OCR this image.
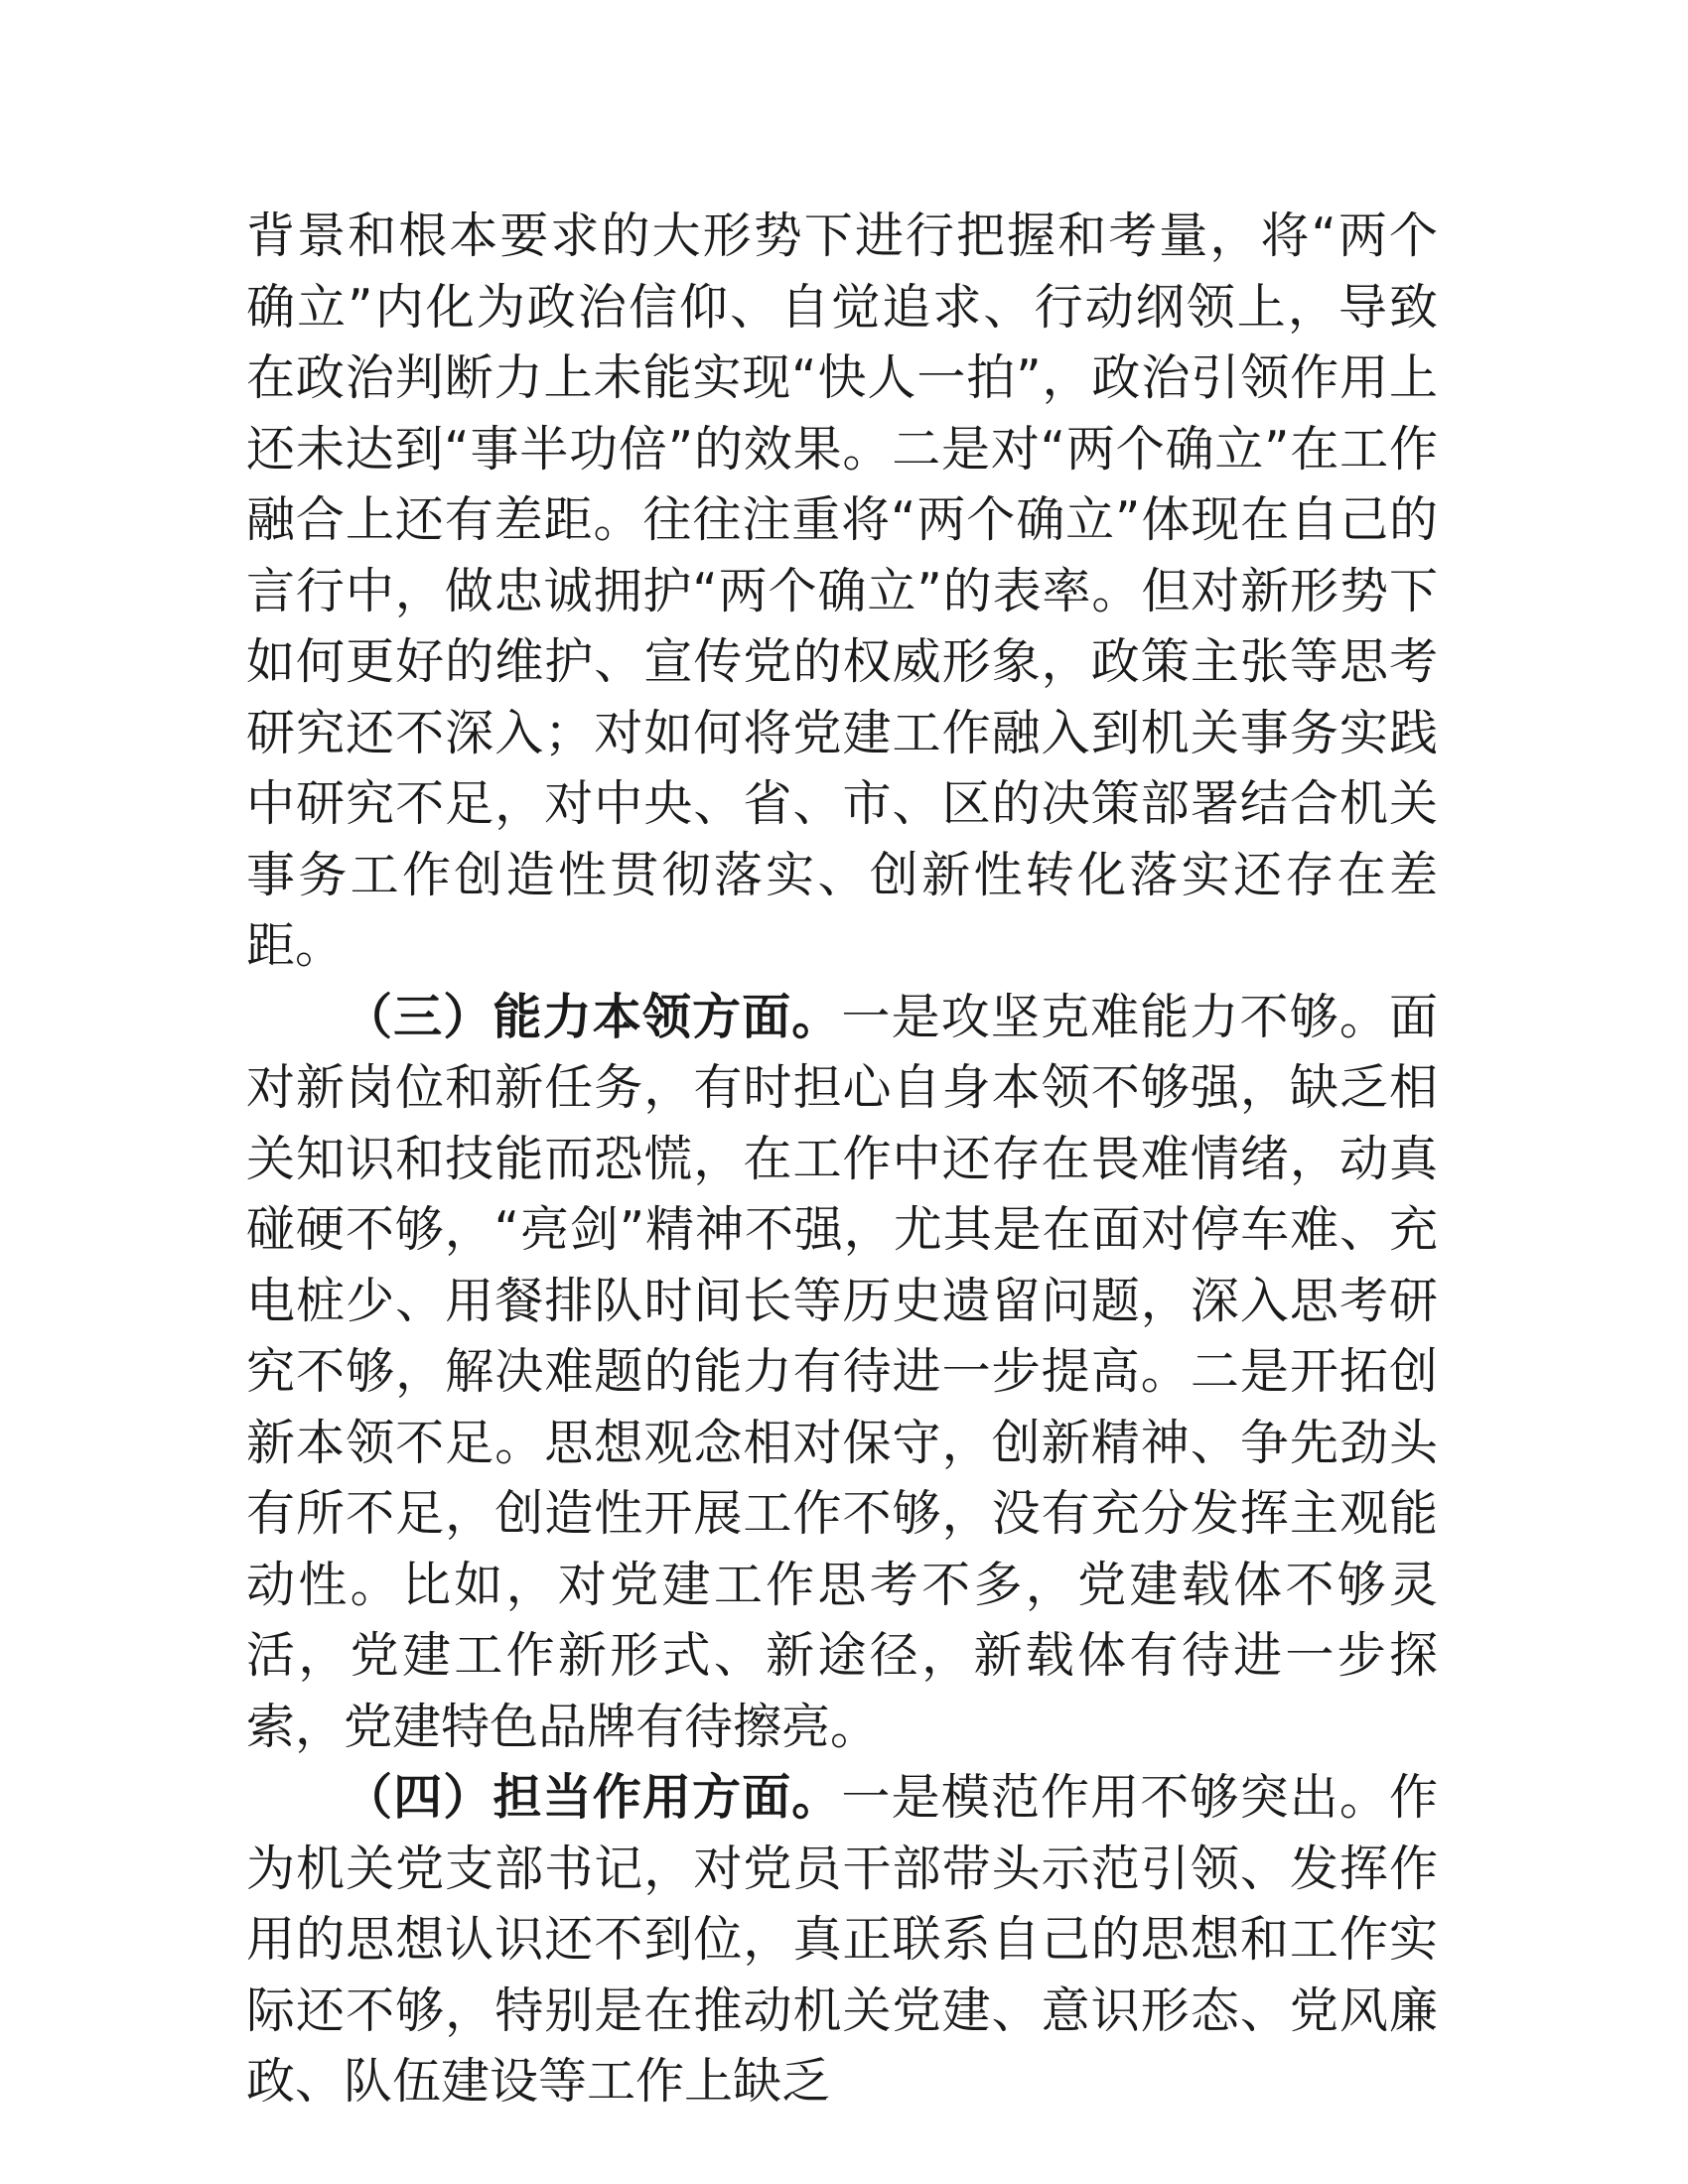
背景和根本要求的大形势下进行把握和考量，将“两个确立”内化为政治信仰、自觉追求、行动纲领上，导致在政治判断力上未能实现“快人一拍”，政治引领作用上还未达到“事半功倍”的效果。二是对“两个确立”在工作融合上还有差距。往往注重将“两个确立”体现在自己的言行中，做忠诚拥护“两个确立”的表率。但对新形势下如何更好的维护、宣传党的权威形象，政策主张等思考研究还不深入；对如何将党建工作融入到机关事务实践中研究不足，对中央、省、市、区的决策部署结合机关事务工作创造性贯彻落实、创新性转化落实还存在差距。

（三）能力本领方面。一是攻坚克难能力不够。面对新岗位和新任务，有时担心自身本领不够强，缺乏相关知识和技能而恐慌，在工作中还存在畏难情绪，动真碰硬不够，“亮剑”精神不强，尤其是在面对停车难、充电桩少、用餐排队时间长等历史遗留问题，深入思考研究不够，解决难题的能力有待进一步提高。二是开拓创新本领不足。思想观念相对保守，创新精神、争先劲头有所不足，创造性开展工作不够，没有充分发挥主观能动性。比如，对党建工作思考不多，党建载体不够灵活，党建工作新形式、新途径，新载体有待进一步探索，党建特色品牌有待擦亮。

（四）担当作用方面。一是模范作用不够突出。作为机关党支部书记，对党员干部带头示范引领、发挥作用的思想认识还不到位，真正联系自己的思想和工作实际还不够，特别是在推动机关党建、意识形态、党风廉政、队伍建设等工作上缺乏
